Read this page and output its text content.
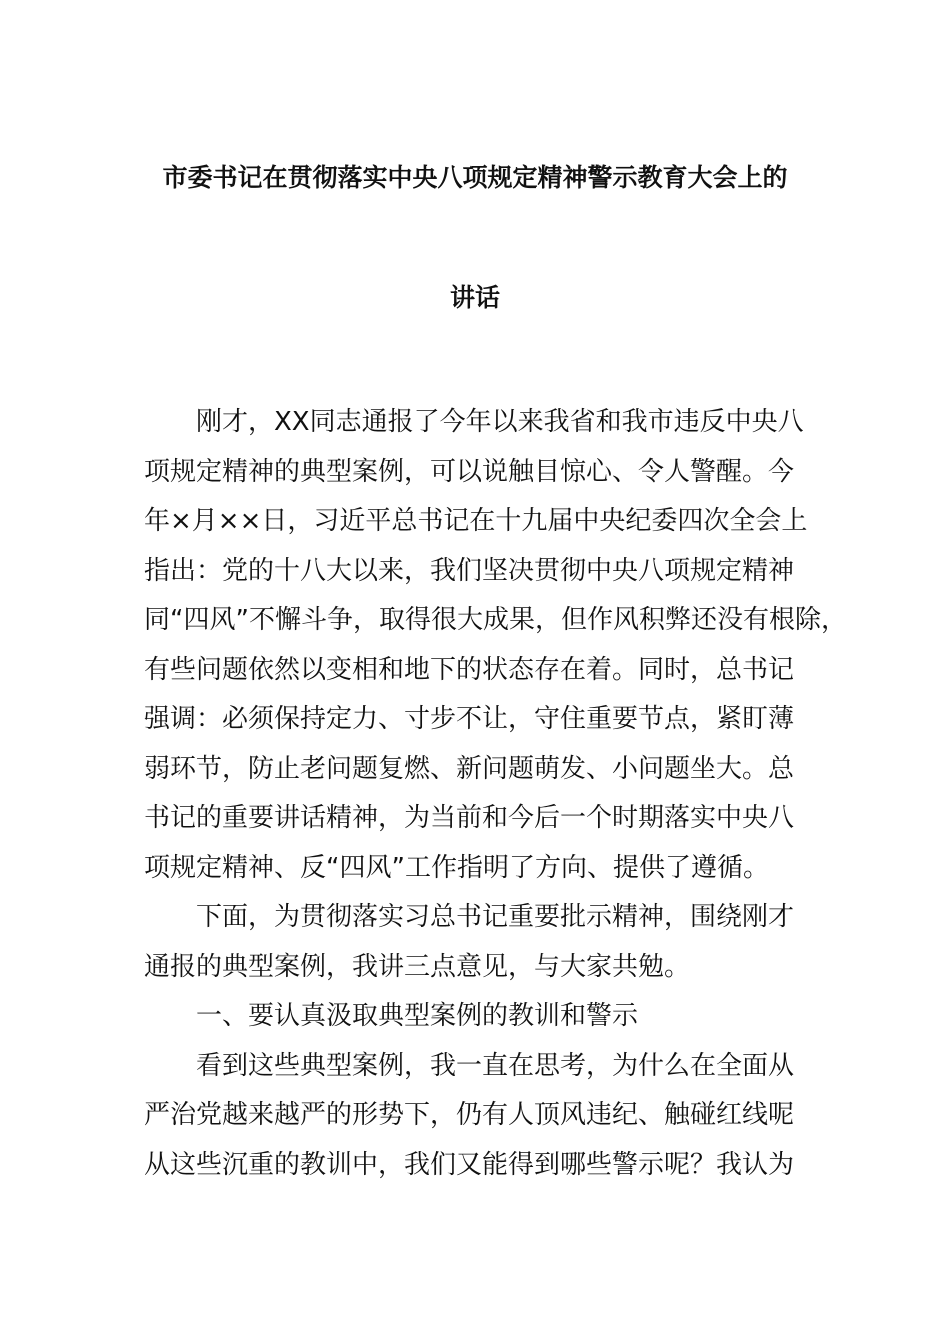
市委书记在贯彻落实中央八项规定精神警示教育大会上的
讲话
刚才，XX同志通报了今年以来我省和我市违反中央八
项规定精神的典型案例，可以说触目惊心、令人警醒。今
年×月××日，习近平总书记在十九届中央纪委四次全会上
指出：党的十八大以来，我们坚决贯彻中央八项规定精神
同“四风”不懈斗争，取得很大成果，但作风积弊还没有根除，
有些问题依然以变相和地下的状态存在着。同时，总书记
强调：必须保持定力、寸步不让，守住重要节点，紧盯薄
弱环节，防止老问题复燃、新问题萌发、小问题坐大。总
书记的重要讲话精神，为当前和今后一个时期落实中央八
项规定精神、反“四风”工作指明了方向、提供了遵循。
下面，为贯彻落实习总书记重要批示精神，围绕刚才
通报的典型案例，我讲三点意见，与大家共勉。
一、要认真汲取典型案例的教训和警示
看到这些典型案例，我一直在思考，为什么在全面从
严治党越来越严的形势下，仍有人顶风违纪、触碰红线呢
从这些沉重的教训中，我们又能得到哪些警示呢？我认为
